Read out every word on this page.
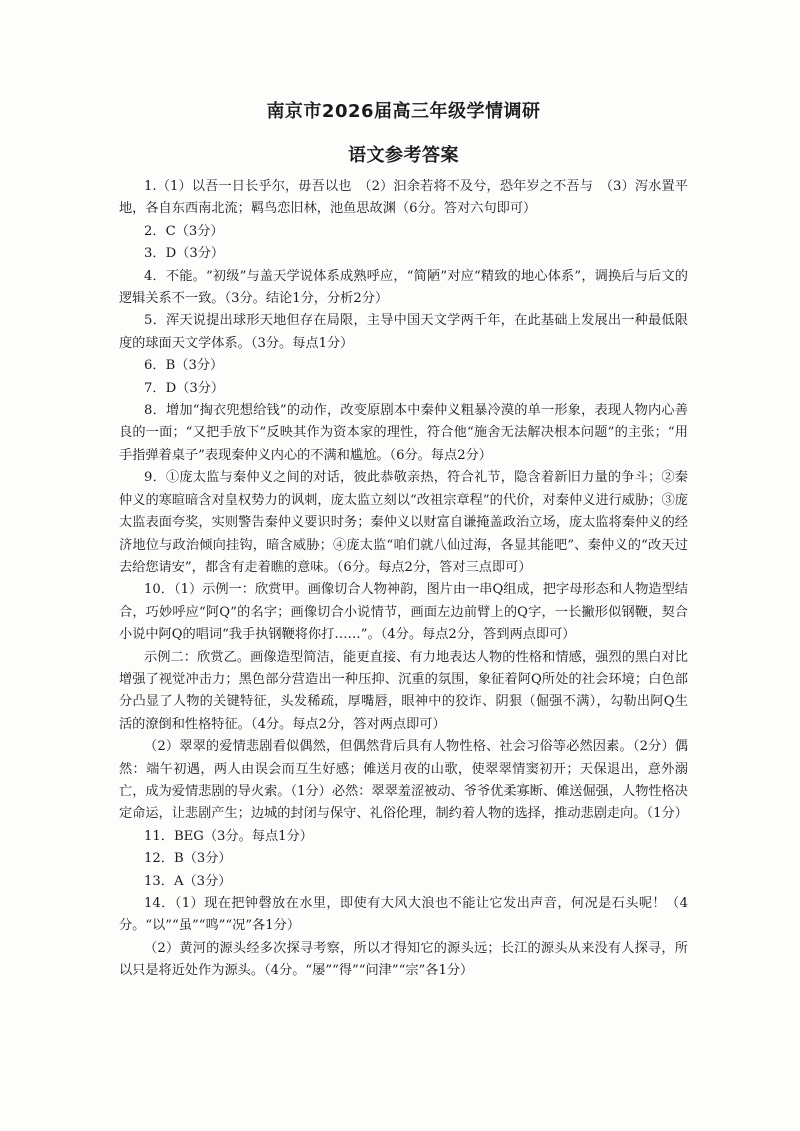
南京市2026届高三年级学情调研
语文参考答案

1.（1）以吾一日长乎尔，毋吾以也　（2）汩余若将不及兮，恐年岁之不吾与　（3）泻水置平地，各自东西南北流；羁鸟恋旧林，池鱼思故渊（6分。答对六句即可）

2．C（3分）

3．D（3分）

4．不能。“初级”与盖天学说体系成熟呼应，“简陋”对应“精致的地心体系”，调换后与后文的逻辑关系不一致。（3分。结论1分，分析2分）

5．浑天说提出球形天地但存在局限，主导中国天文学两千年，在此基础上发展出一种最低限度的球面天文学体系。（3分。每点1分）

6．B（3分）

7．D（3分）

8．增加“掏衣兜想给钱”的动作，改变原剧本中秦仲义粗暴冷漠的单一形象，表现人物内心善良的一面；“又把手放下”反映其作为资本家的理性，符合他“施舍无法解决根本问题”的主张；“用手指弹着桌子”表现秦仲义内心的不满和尴尬。（6分。每点2分）

9．①庞太监与秦仲义之间的对话，彼此恭敬亲热，符合礼节，隐含着新旧力量的争斗；②秦仲义的寒暄暗含对皇权势力的讽刺，庞太监立刻以“改祖宗章程”的代价，对秦仲义进行威胁；③庞太监表面夸奖，实则警告秦仲义要识时务；秦仲义以财富自谦掩盖政治立场，庞太监将秦仲义的经济地位与政治倾向挂钩，暗含威胁；④庞太监“咱们就八仙过海，各显其能吧”、秦仲义的“改天过去给您请安”，都含有走着瞧的意味。（6分。每点2分，答对三点即可）

10．（1）示例一：欣赏甲。画像切合人物神韵，图片由一串Q组成，把字母形态和人物造型结合，巧妙呼应“阿Q”的名字；画像切合小说情节，画面左边前臂上的Q字，一长撇形似钢鞭，契合小说中阿Q的唱词“我手执钢鞭将你打……”。（4分。每点2分，答到两点即可）

示例二：欣赏乙。画像造型简洁，能更直接、有力地表达人物的性格和情感，强烈的黑白对比增强了视觉冲击力；黑色部分营造出一种压抑、沉重的氛围，象征着阿Q所处的社会环境；白色部分凸显了人物的关键特征，头发稀疏，厚嘴唇，眼神中的狡诈、阴狠（倔强不满），勾勒出阿Q生活的潦倒和性格特征。（4分。每点2分，答对两点即可）

（2）翠翠的爱情悲剧看似偶然，但偶然背后具有人物性格、社会习俗等必然因素。（2分）偶然：端午初遇，两人由误会而互生好感；傩送月夜的山歌，使翠翠情窦初开；天保退出，意外溺亡，成为爱情悲剧的导火索。（1分）必然：翠翠羞涩被动、爷爷优柔寡断、傩送倔强，人物性格决定命运，让悲剧产生；边城的封闭与保守、礼俗伦理，制约着人物的选择，推动悲剧走向。（1分）

11．BEG（3分。每点1分）

12．B（3分）

13．A（3分）

14．（1）现在把钟磬放在水里，即使有大风大浪也不能让它发出声音，何况是石头呢！（4分。“以”“虽”“鸣”“况”各1分）

（2）黄河的源头经多次探寻考察，所以才得知它的源头远；长江的源头从来没有人探寻，所以只是将近处作为源头。（4分。“屡”“得”“问津”“宗”各1分）
